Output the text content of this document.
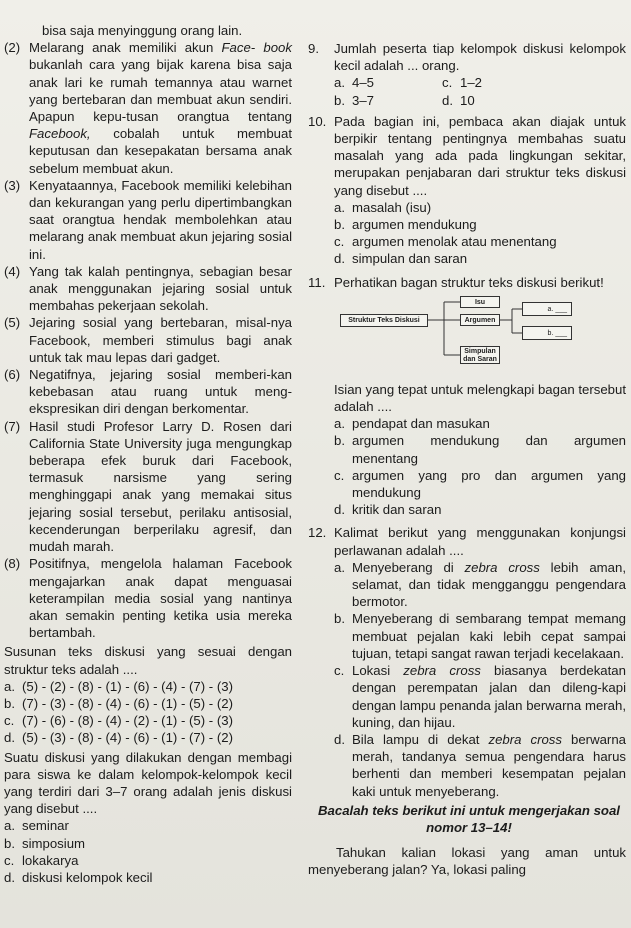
bisa saja menyinggung orang lain.
(2) Melarang anak memiliki akun Face- book bukanlah cara yang bijak karena bisa saja anak lari ke rumah temannya atau warnet yang bertebaran dan membuat akun sendiri. Apapun kepu-tusan orangtua tentang Facebook, cobalah untuk membuat keputusan dan kesepakatan bersama anak sebelum membuat akun.
(3) Kenyataannya, Facebook memiliki kelebihan dan kekurangan yang perlu dipertimbangkan saat orangtua hendak membolehkan atau melarang anak membuat akun jejaring sosial ini.
(4) Yang tak kalah pentingnya, sebagian besar anak menggunakan jejaring sosial untuk membahas pekerjaan sekolah.
(5) Jejaring sosial yang bertebaran, misal-nya Facebook, memberi stimulus bagi anak untuk tak mau lepas dari gadget.
(6) Negatifnya, jejaring sosial memberi-kan kebebasan atau ruang untuk meng-ekspresikan diri dengan berkomentar.
(7) Hasil studi Profesor Larry D. Rosen dari California State University juga mengungkap beberapa efek buruk dari Facebook, termasuk narsisme yang sering menghinggapi anak yang memakai situs jejaring sosial tersebut, perilaku antisosial, kecenderungan berperilaku agresif, dan mudah marah.
(8) Positifnya, mengelola halaman Facebook mengajarkan anak dapat menguasai keterampilan media sosial yang nantinya akan semakin penting ketika usia mereka bertambah.
Susunan teks diskusi yang sesuai dengan struktur teks adalah ....
a. (5) - (2) - (8) - (1) - (6) - (4) - (7) - (3)
b. (7) - (3) - (8) - (4) - (6) - (1) - (5) - (2)
c. (7) - (6) - (8) - (4) - (2) - (1) - (5) - (3)
d. (5) - (3) - (8) - (4) - (6) - (1) - (7) - (2)
Suatu diskusi yang dilakukan dengan membagi para siswa ke dalam kelompok-kelompok kecil yang terdiri dari 3–7 orang adalah jenis diskusi yang disebut ....
a. seminar
b. simposium
c. lokakarya
d. diskusi kelompok kecil
9.	Jumlah peserta tiap kelompok diskusi kelompok kecil adalah ... orang.
a. 4–5	c. 1–2
b. 3–7	d. 10
10. Pada bagian ini, pembaca akan diajak untuk berpikir tentang pentingnya membahas suatu masalah yang ada pada lingkungan sekitar, merupakan penjabaran dari struktur teks diskusi yang disebut ....
a. masalah (isu)
b. argumen mendukung
c. argumen menolak atau menentang
d. simpulan dan saran
11. Perhatikan bagan struktur teks diskusi berikut!
Struktur Teks Diskusi
Isu
Argumen
Simpulan dan Saran
a. ___
b. ___
Isian yang tepat untuk melengkapi bagan tersebut adalah ....
a. pendapat dan masukan
b. argumen mendukung dan argumen menentang
c. argumen yang pro dan argumen yang mendukung
d. kritik dan saran
12. Kalimat berikut yang menggunakan konjungsi perlawanan adalah ....
a. Menyeberang di zebra cross lebih aman, selamat, dan tidak mengganggu pengendara bermotor.
b. Menyeberang di sembarang tempat memang membuat pejalan kaki lebih cepat sampai tujuan, tetapi sangat rawan terjadi kecelakaan.
c. Lokasi zebra cross biasanya berdekatan dengan perempatan jalan dan dileng-kapi dengan lampu penanda jalan berwarna merah, kuning, dan hijau.
d. Bila lampu di dekat zebra cross berwarna merah, tandanya semua pengendara harus berhenti dan memberi kesempatan pejalan kaki untuk menyeberang.
Bacalah teks berikut ini untuk mengerjakan soal nomor 13–14!
Tahukan kalian lokasi yang aman untuk menyeberang jalan? Ya, lokasi paling
